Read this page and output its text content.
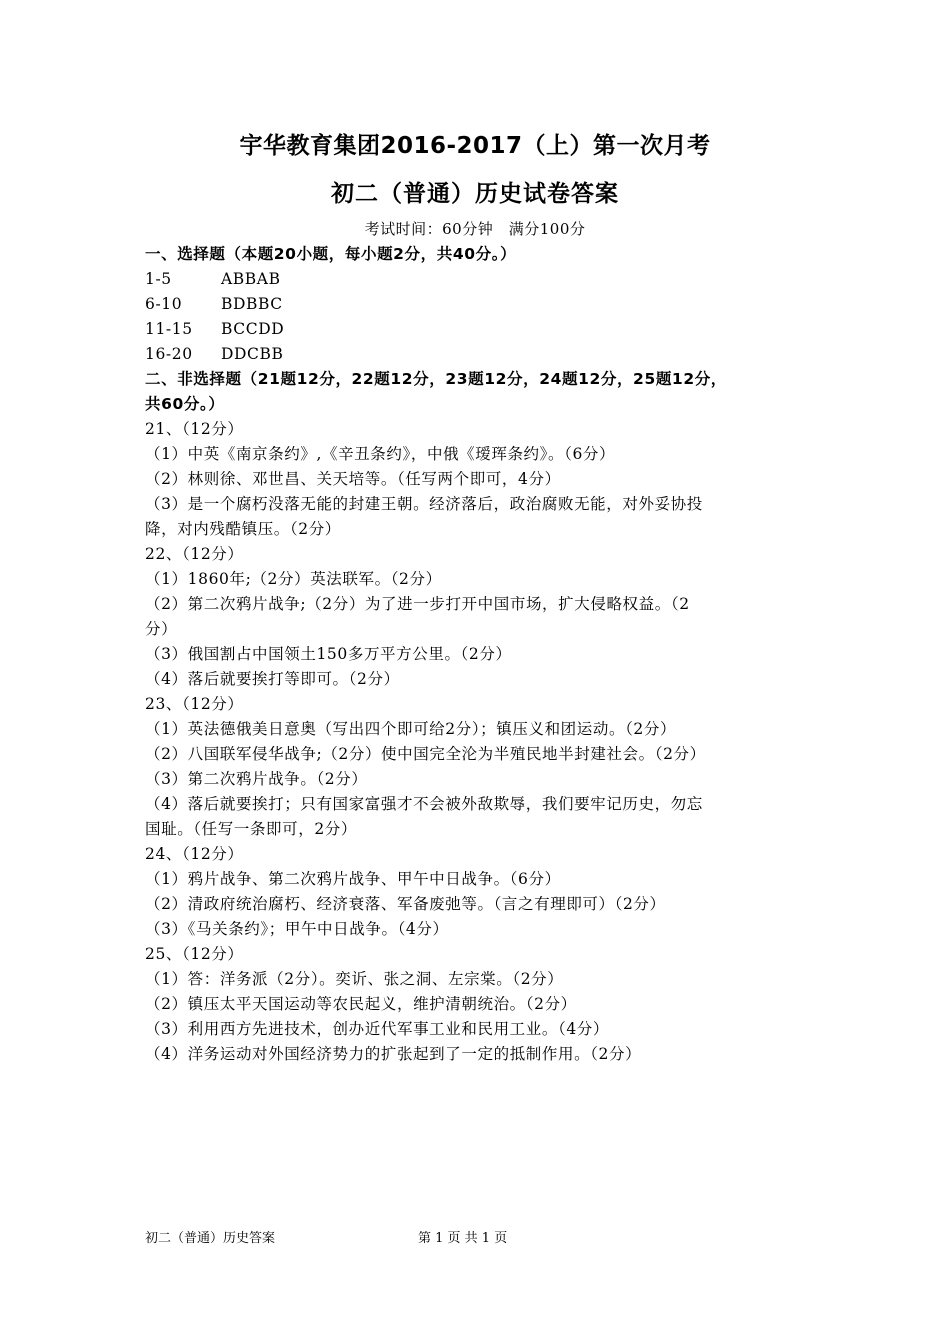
宇华教育集团2016-2017（上）第一次月考
初二（普通）历史试卷答案
考试时间：60分钟　满分100分
一、选择题（本题20小题，每小题2分，共40分。）
1-5	ABBAB
6-10	BDBBC
11-15 BCCDD
16-20 DDCBB
二、非选择题（21题12分，22题12分，23题12分，24题12分，25题12分，
共60分。）
21、（12分）
（1）中英《南京条约》,《辛丑条约》，中俄《瑷珲条约》。（6分）
（2）林则徐、邓世昌、关天培等。（任写两个即可，4分）
（3）是一个腐朽没落无能的封建王朝。经济落后，政治腐败无能，对外妥协投
降，对内残酷镇压。（2分）
22、（12分）
（1）1860年;（2分）英法联军。（2分）
（2）第二次鸦片战争;（2分）为了进一步打开中国市场，扩大侵略权益。（2
分）
（3）俄国割占中国领土150多万平方公里。（2分）
（4）落后就要挨打等即可。（2分）
23、（12分）
（1）英法德俄美日意奥（写出四个即可给2分）；镇压义和团运动。（2分）
（2）八国联军侵华战争;（2分）使中国完全沦为半殖民地半封建社会。（2分）
（3）第二次鸦片战争。（2分）
（4）落后就要挨打；只有国家富强才不会被外敌欺辱，我们要牢记历史，勿忘
国耻。（任写一条即可，2分）
24、（12分）
（1）鸦片战争、第二次鸦片战争、甲午中日战争。（6分）
（2）清政府统治腐朽、经济衰落、军备废弛等。（言之有理即可）（2分）
（3）《马关条约》；甲午中日战争。（4分）
25、（12分）
（1）答：洋务派（2分）。奕䜣、张之洞、左宗棠。（2分）
（2）镇压太平天国运动等农民起义，维护清朝统治。（2分）
（3）利用西方先进技术，创办近代军事工业和民用工业。（4分）
（4）洋务运动对外国经济势力的扩张起到了一定的抵制作用。（2分）
初二（普通）历史答案	第 1 页 共 1 页
